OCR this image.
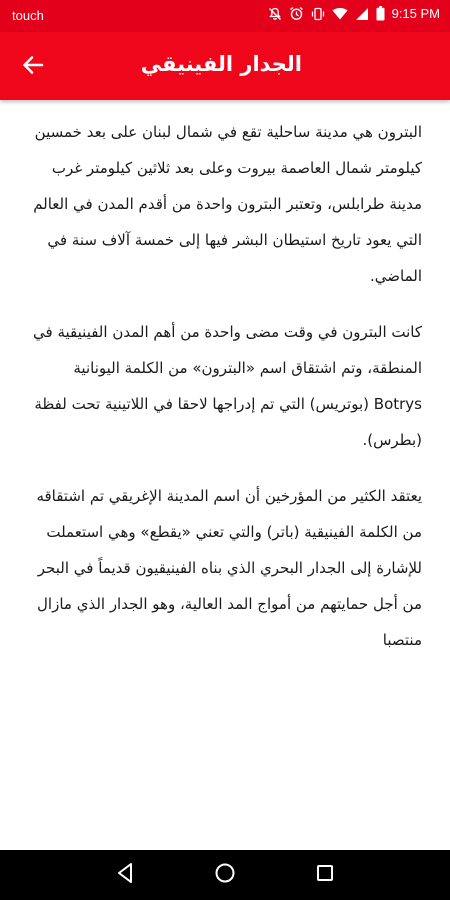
touch	9:15 PM
الجدار الفينيقي

البترون هي مدينة ساحلية تقع في شمال لبنان على بعد خمسين كيلومتر شمال العاصمة بيروت وعلى بعد ثلاثين كيلومتر غرب مدينة طرابلس، وتعتبر البترون واحدة من أقدم المدن في العالم التي يعود تاريخ استيطان البشر فيها إلى خمسة آلاف سنة في الماضي.

كانت البترون في وقت مضى واحدة من أهم المدن الفينيقية في المنطقة، وتم اشتقاق اسم «البترون» من الكلمة اليونانية Botrys (بوتريس) التي تم إدراجها لاحقا في اللاتينية تحت لفظة (بطرس).

يعتقد الكثير من المؤرخين أن اسم المدينة الإغريقي تم اشتقاقه من الكلمة الفينيقية (باتر) والتي تعني «يقطع» وهي استعملت للإشارة إلى الجدار البحري الذي بناه الفينيقيون قديماً في البحر من أجل حمايتهم من أمواج المد العالية، وهو الجدار الذي مازال منتصبا
